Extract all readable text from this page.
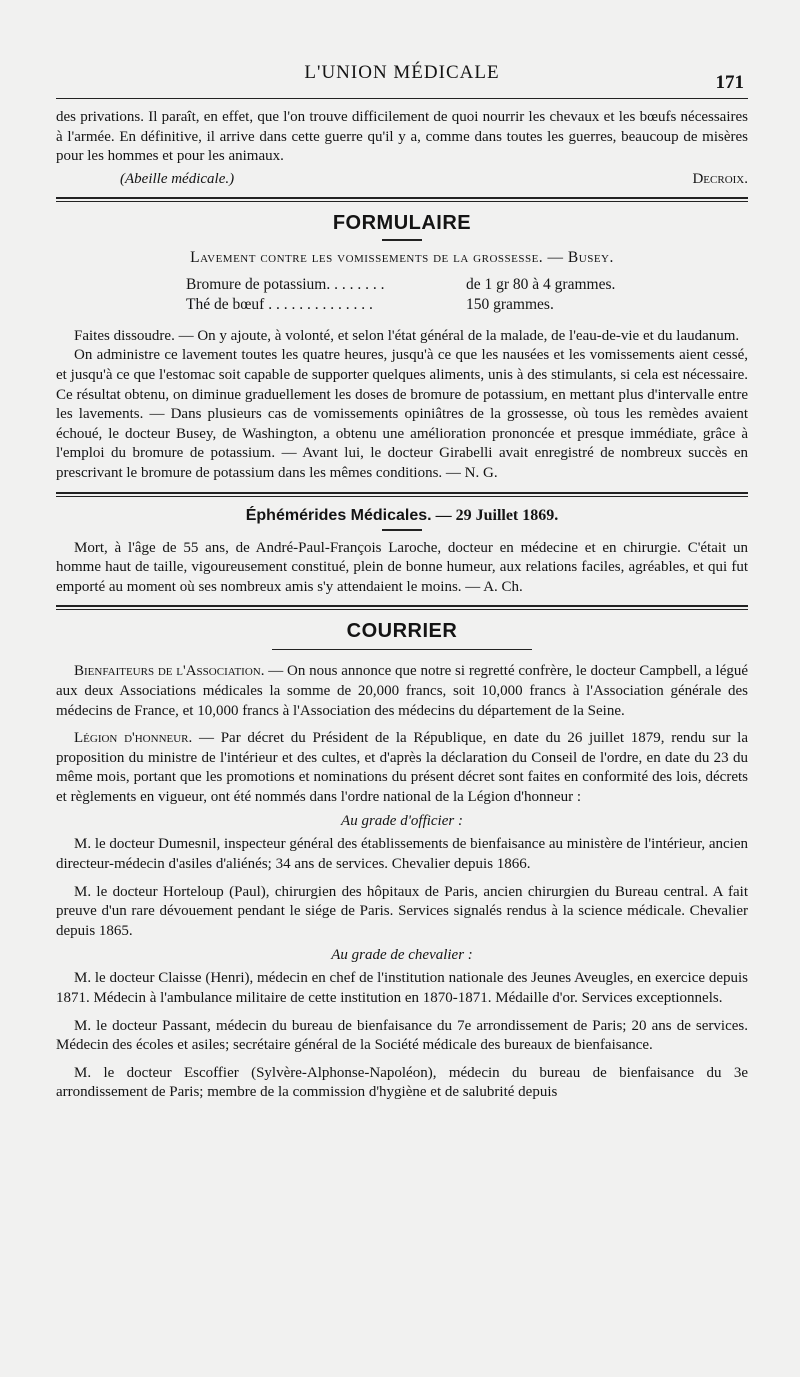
L'UNION MÉDICALE	171

des privations. Il paraît, en effet, que l'on trouve difficilement de quoi nourrir les chevaux et les bœufs nécessaires à l'armée. En définitive, il arrive dans cette guerre qu'il y a, comme dans toutes les guerres, beaucoup de misères pour les hommes et pour les animaux.

(Abeille médicale.)	Decroix.
FORMULAIRE
Lavement contre les vomissements de la grossesse. — Busey.
Bromure de potassium. . . . . . . .	de 1 gr 80 à 4 grammes.
Thé de bœuf . . . . . . . . . . . . . .	150 grammes.

Faites dissoudre. — On y ajoute, à volonté, et selon l'état général de la malade, de l'eau-de-vie et du laudanum.

On administre ce lavement toutes les quatre heures, jusqu'à ce que les nausées et les vomissements aient cessé, et jusqu'à ce que l'estomac soit capable de supporter quelques aliments, unis à des stimulants, si cela est nécessaire. Ce résultat obtenu, on diminue graduellement les doses de bromure de potassium, en mettant plus d'intervalle entre les lavements. — Dans plusieurs cas de vomissements opiniâtres de la grossesse, où tous les remèdes avaient échoué, le docteur Busey, de Washington, a obtenu une amélioration prononcée et presque immédiate, grâce à l'emploi du bromure de potassium. — Avant lui, le docteur Girabelli avait enregistré de nombreux succès en prescrivant le bromure de potassium dans les mêmes conditions. — N. G.

Éphémérides Médicales. — 29 Juillet 1869.

Mort, à l'âge de 55 ans, de André-Paul-François Laroche, docteur en médecine et en chirurgie. C'était un homme haut de taille, vigoureusement constitué, plein de bonne humeur, aux relations faciles, agréables, et qui fut emporté au moment où ses nombreux amis s'y attendaient le moins. — A. Ch.

COURRIER

Bienfaiteurs de l'Association. — On nous annonce que notre si regretté confrère, le docteur Campbell, a légué aux deux Associations médicales la somme de 20,000 francs, soit 10,000 francs à l'Association générale des médecins de France, et 10,000 francs à l'Association des médecins du département de la Seine.

Légion d'honneur. — Par décret du Président de la République, en date du 26 juillet 1879, rendu sur la proposition du ministre de l'intérieur et des cultes, et d'après la déclaration du Conseil de l'ordre, en date du 23 du même mois, portant que les promotions et nominations du présent décret sont faites en conformité des lois, décrets et règlements en vigueur, ont été nommés dans l'ordre national de la Légion d'honneur :

Au grade d'officier :

M. le docteur Dumesnil, inspecteur général des établissements de bienfaisance au ministère de l'intérieur, ancien directeur-médecin d'asiles d'aliénés; 34 ans de services. Chevalier depuis 1866.

M. le docteur Horteloup (Paul), chirurgien des hôpitaux de Paris, ancien chirurgien du Bureau central. A fait preuve d'un rare dévouement pendant le siége de Paris. Services signalés rendus à la science médicale. Chevalier depuis 1865.

Au grade de chevalier :

M. le docteur Claisse (Henri), médecin en chef de l'institution nationale des Jeunes Aveugles, en exercice depuis 1871. Médecin à l'ambulance militaire de cette institution en 1870-1871. Médaille d'or. Services exceptionnels.

M. le docteur Passant, médecin du bureau de bienfaisance du 7e arrondissement de Paris; 20 ans de services. Médecin des écoles et asiles; secrétaire général de la Société médicale des bureaux de bienfaisance.

M. le docteur Escoffier (Sylvère-Alphonse-Napoléon), médecin du bureau de bienfaisance du 3e arrondissement de Paris; membre de la commission d'hygiène et de salubrité depuis
